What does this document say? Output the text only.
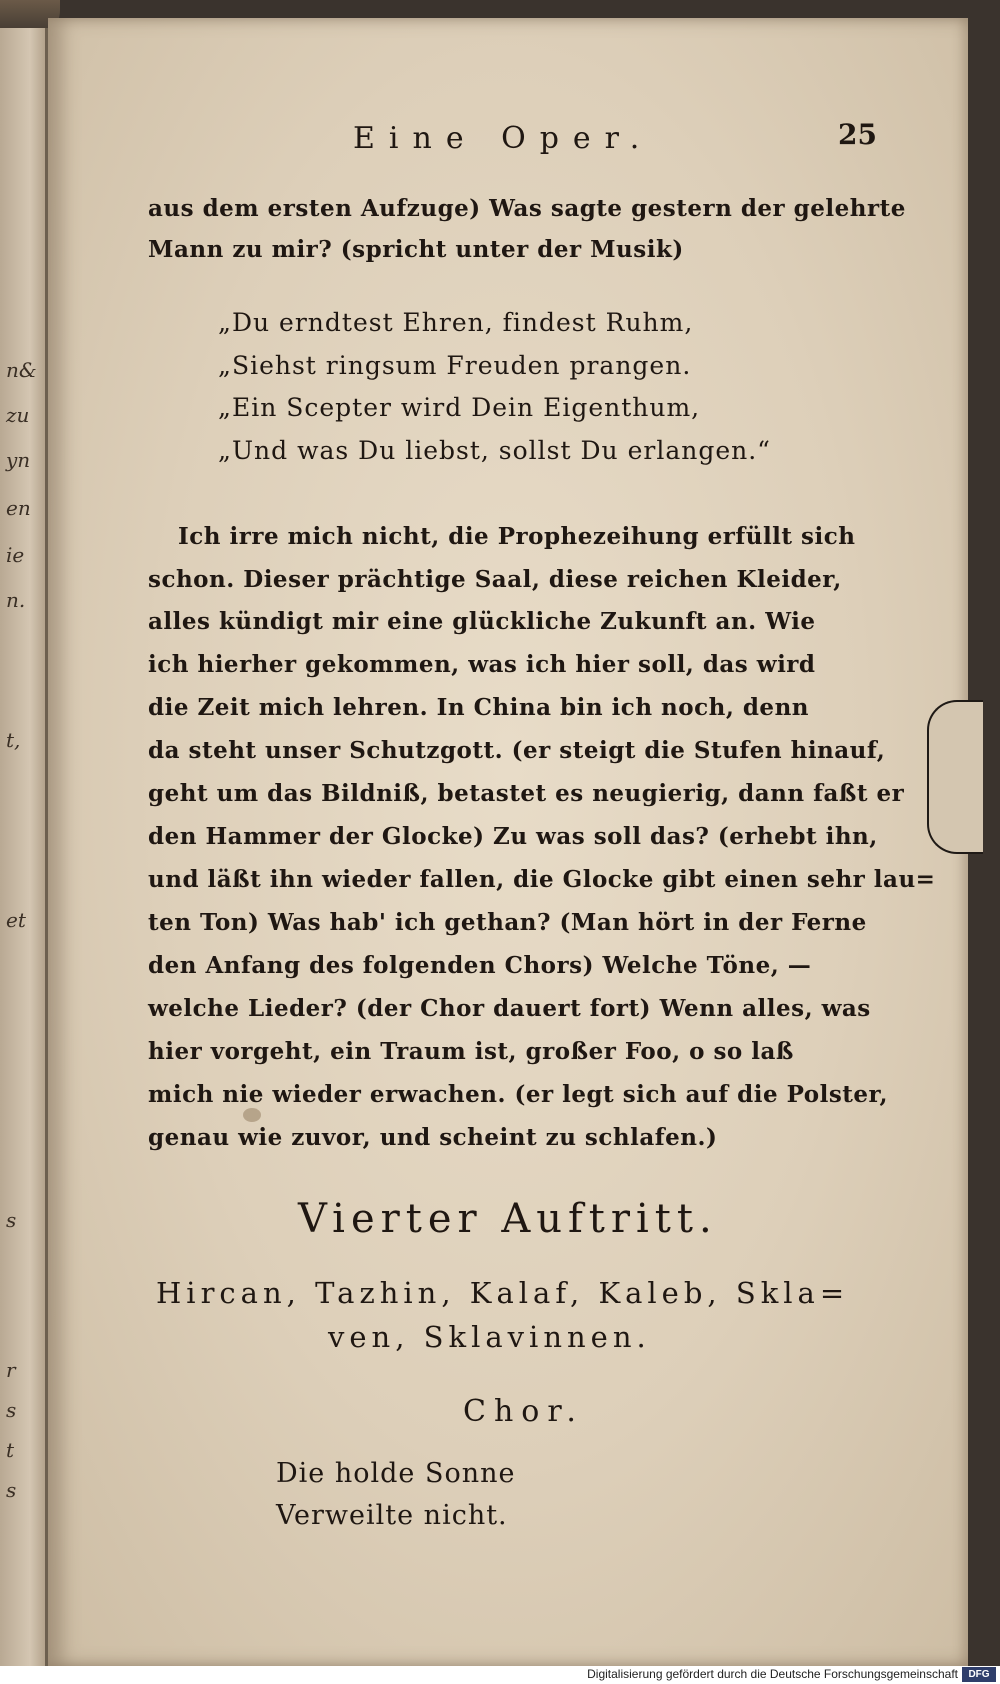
n&
zu
yn
en
ie
n.
t,
et
s
r
s
t
s
Eine Oper.	25
aus dem ersten Aufzuge) Was sagte gestern der gelehrte
Mann zu mir? (spricht unter der Musik)
„Du erndtest Ehren, findest Ruhm,
„Siehst ringsum Freuden prangen.
„Ein Scepter wird Dein Eigenthum,
„Und was Du liebst, sollst Du erlangen.“
Ich irre mich nicht, die Prophezeihung erfüllt sich
schon. Dieser prächtige Saal, diese reichen Kleider,
alles kündigt mir eine glückliche Zukunft an. Wie
ich hierher gekommen, was ich hier soll, das wird
die Zeit mich lehren. In China bin ich noch, denn
da steht unser Schutzgott. (er steigt die Stufen hinauf,
geht um das Bildniß, betastet es neugierig, dann faßt er
den Hammer der Glocke) Zu was soll das? (erhebt ihn,
und läßt ihn wieder fallen, die Glocke gibt einen sehr lau=
ten Ton) Was hab' ich gethan? (Man hört in der Ferne
den Anfang des folgenden Chors) Welche Töne, —
welche Lieder? (der Chor dauert fort) Wenn alles, was
hier vorgeht, ein Traum ist, großer Foo, o so laß
mich nie wieder erwachen. (er legt sich auf die Polster,
genau wie zuvor, und scheint zu schlafen.)
Vierter Auftritt.
Hircan, Tazhin, Kalaf, Kaleb, Skla=
ven, Sklavinnen.
Chor.
Die holde Sonne
Verweilte nicht.
Digitalisierung gefördert durch die Deutsche Forschungsgemeinschaft	DFG
